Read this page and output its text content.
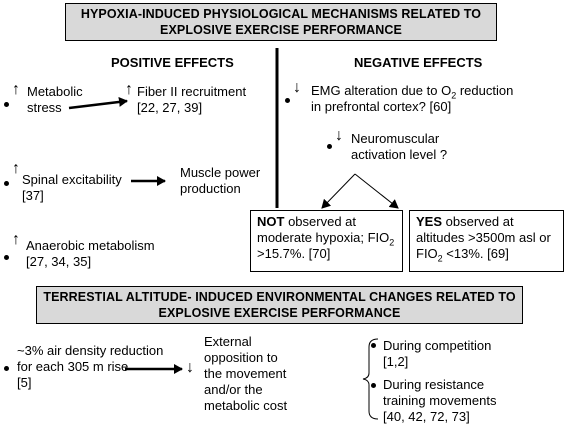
HYPOXIA-INDUCED PHYSIOLOGICAL MECHANISMS RELATED TO
EXPLOSIVE EXERCISE PERFORMANCE
POSITIVE EFFECTS	NEGATIVE EFFECTS
↑ Metabolic
stress
↑ Fiber II recruitment
[22, 27, 39]
↑
Spinal excitability
[37]
Muscle power
production
↑ Anaerobic metabolism
[27, 34, 35]
↓ EMG alteration due to $O_2$ reduction
in prefrontal cortex? [60]
↓ Neuromuscular
activation level ?
NOT observed at
moderate hypoxia; $FIO_2$
>15.7%. [70]
YES observed at
altitudes >3500m asl or
$FIO_2 <13\%$. [69]
TERRESTIAL ALTITUDE- INDUCED ENVIRONMENTAL CHANGES RELATED TO
EXPLOSIVE EXERCISE PERFORMANCE
~3% air density reduction
for each 305 m rise
[5]
↓
External
opposition to
the movement
and/or the
metabolic cost
During competition
[1,2]
During resistance
training movements
[40, 42, 72, 73]
